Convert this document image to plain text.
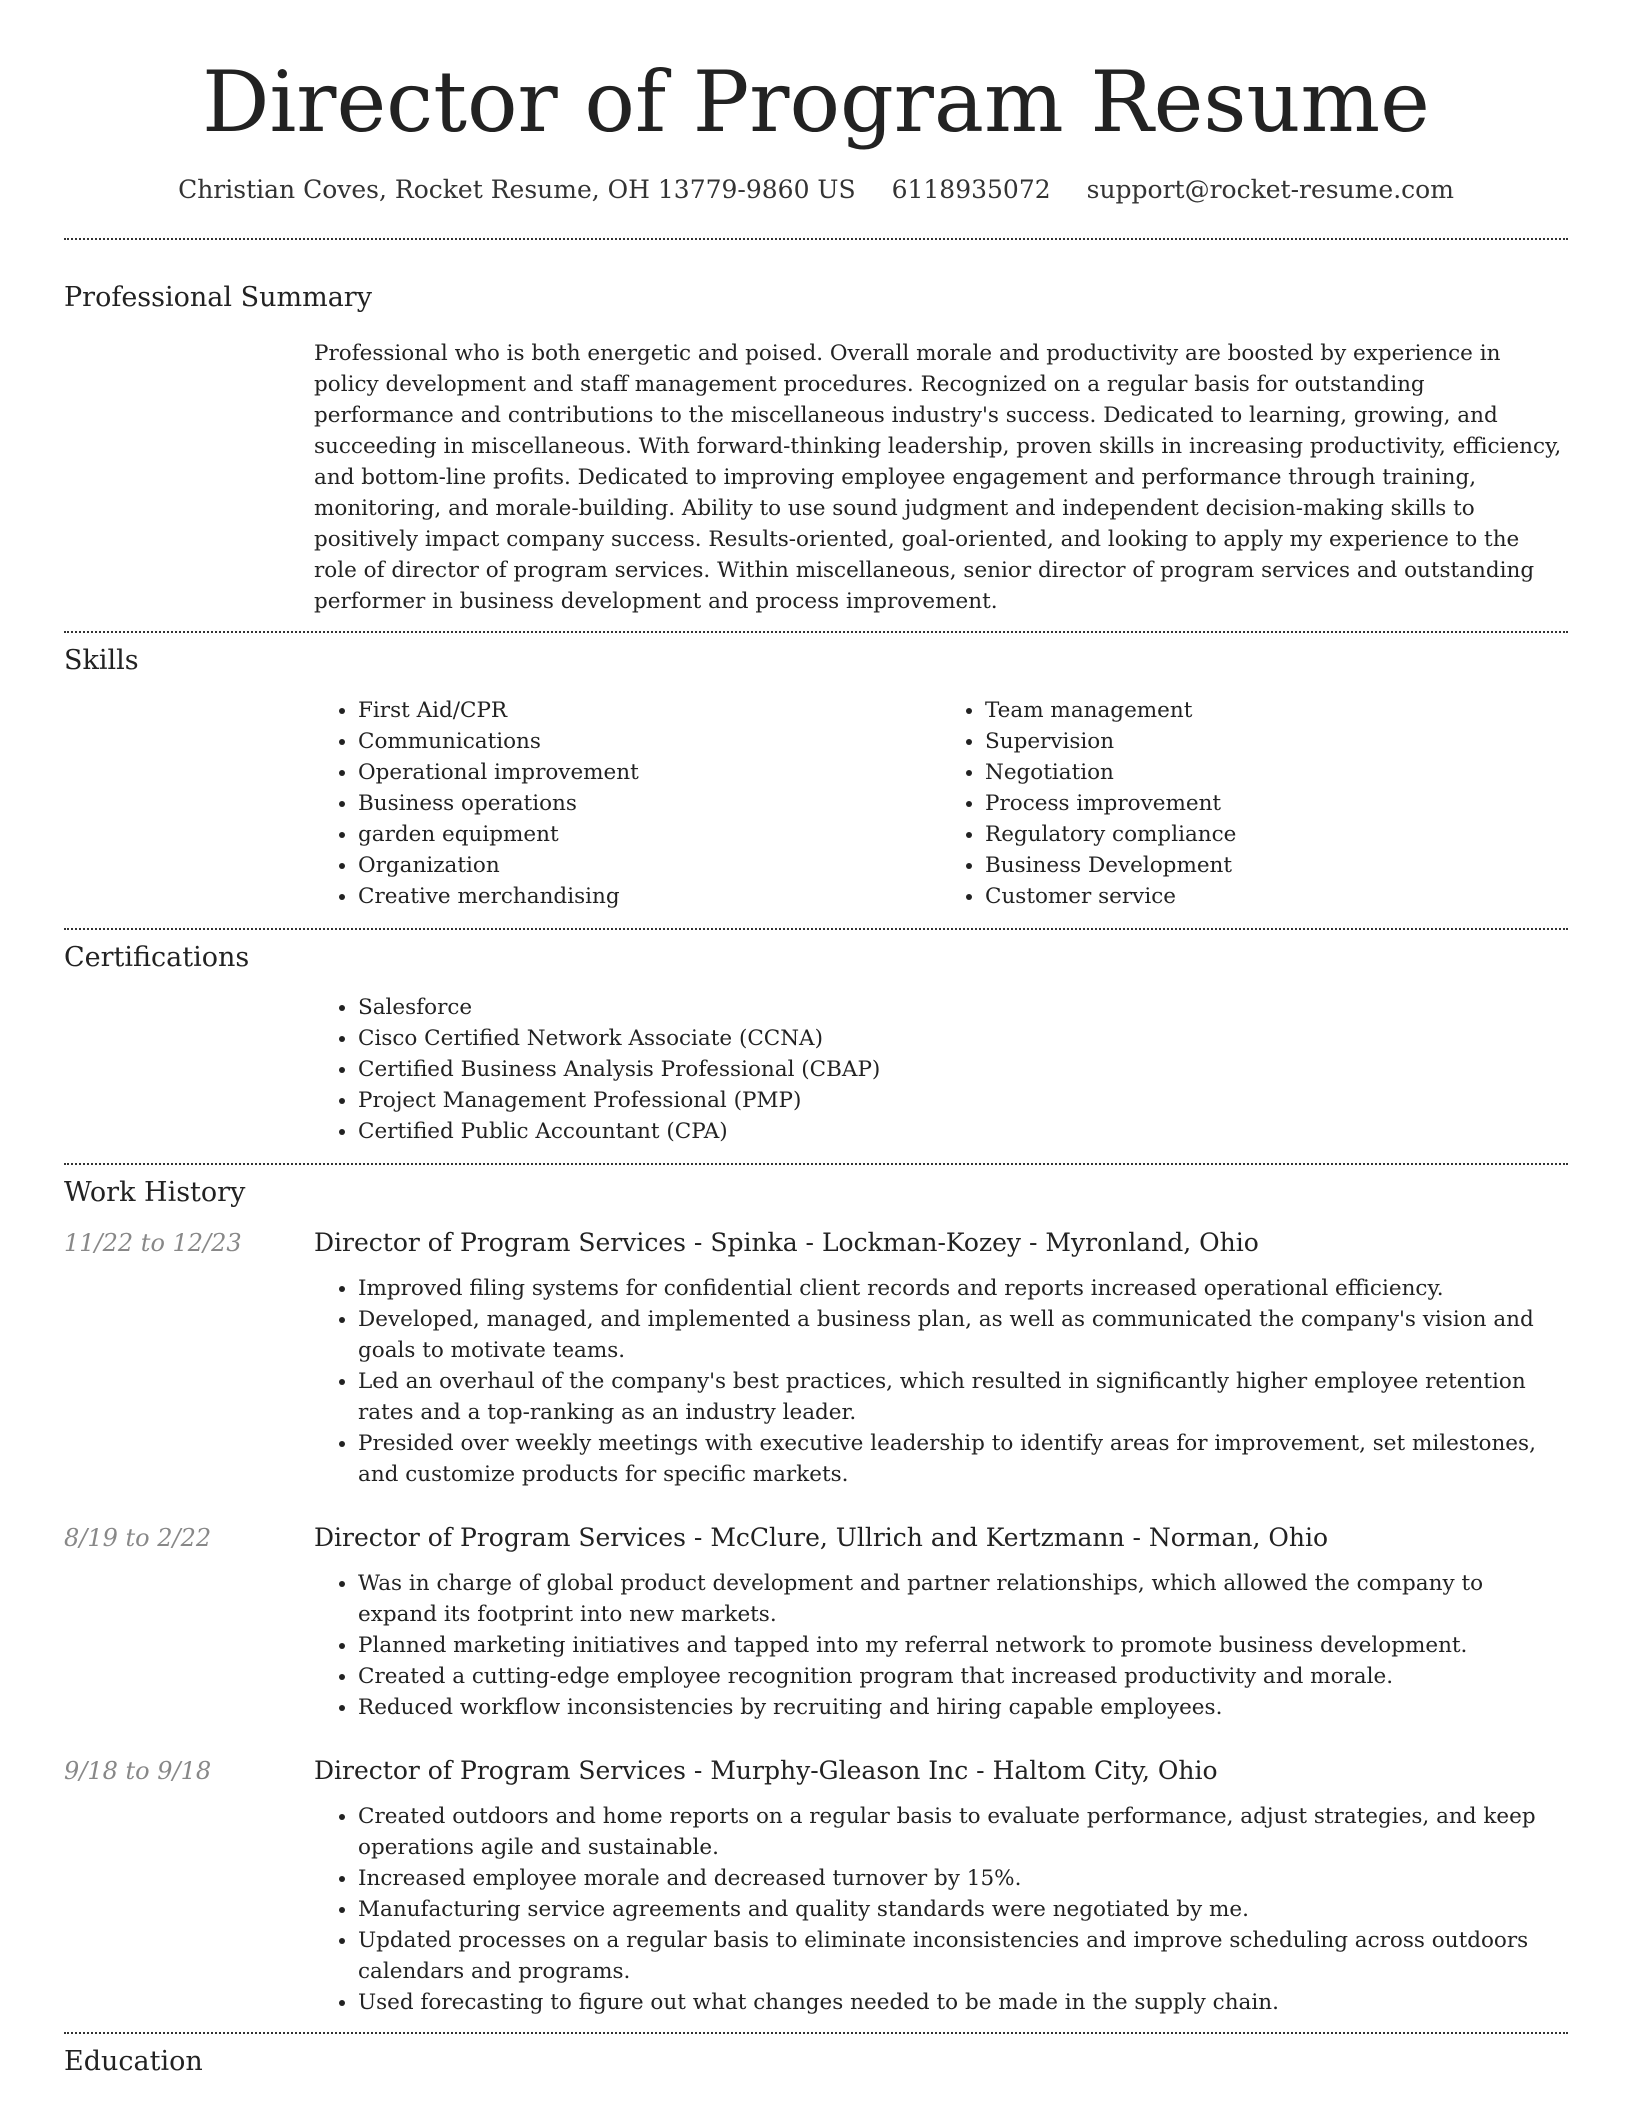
Director of Program Resume
Christian Coves, Rocket Resume, OH 13779-9860 US 6118935072 support@rocket-resume.com
Professional Summary
Professional who is both energetic and poised. Overall morale and productivity are boosted by experience in policy development and staff management procedures. Recognized on a regular basis for outstanding performance and contributions to the miscellaneous industry's success. Dedicated to learning, growing, and succeeding in miscellaneous. With forward-thinking leadership, proven skills in increasing productivity, efficiency, and bottom-line profits. Dedicated to improving employee engagement and performance through training, monitoring, and morale-building. Ability to use sound judgment and independent decision-making skills to positively impact company success. Results-oriented, goal-oriented, and looking to apply my experience to the role of director of program services. Within miscellaneous, senior director of program services and outstanding performer in business development and process improvement.
Skills
• First Aid/CPR
• Communications
• Operational improvement
• Business operations
• garden equipment
• Organization
• Creative merchandising
• Team management
• Supervision
• Negotiation
• Process improvement
• Regulatory compliance
• Business Development
• Customer service
Certifications
• Salesforce
• Cisco Certified Network Associate (CCNA)
• Certified Business Analysis Professional (CBAP)
• Project Management Professional (PMP)
• Certified Public Accountant (CPA)
Work History
11/22 to 12/23	Director of Program Services - Spinka - Lockman-Kozey - Myronland, Ohio
• Improved filing systems for confidential client records and reports increased operational efficiency.
• Developed, managed, and implemented a business plan, as well as communicated the company's vision and goals to motivate teams.
• Led an overhaul of the company's best practices, which resulted in significantly higher employee retention rates and a top-ranking as an industry leader.
• Presided over weekly meetings with executive leadership to identify areas for improvement, set milestones, and customize products for specific markets.
8/19 to 2/22	Director of Program Services - McClure, Ullrich and Kertzmann - Norman, Ohio
• Was in charge of global product development and partner relationships, which allowed the company to expand its footprint into new markets.
• Planned marketing initiatives and tapped into my referral network to promote business development.
• Created a cutting-edge employee recognition program that increased productivity and morale.
• Reduced workflow inconsistencies by recruiting and hiring capable employees.
9/18 to 9/18	Director of Program Services - Murphy-Gleason Inc - Haltom City, Ohio
• Created outdoors and home reports on a regular basis to evaluate performance, adjust strategies, and keep operations agile and sustainable.
• Increased employee morale and decreased turnover by 15%.
• Manufacturing service agreements and quality standards were negotiated by me.
• Updated processes on a regular basis to eliminate inconsistencies and improve scheduling across outdoors calendars and programs.
• Used forecasting to figure out what changes needed to be made in the supply chain.
Education
